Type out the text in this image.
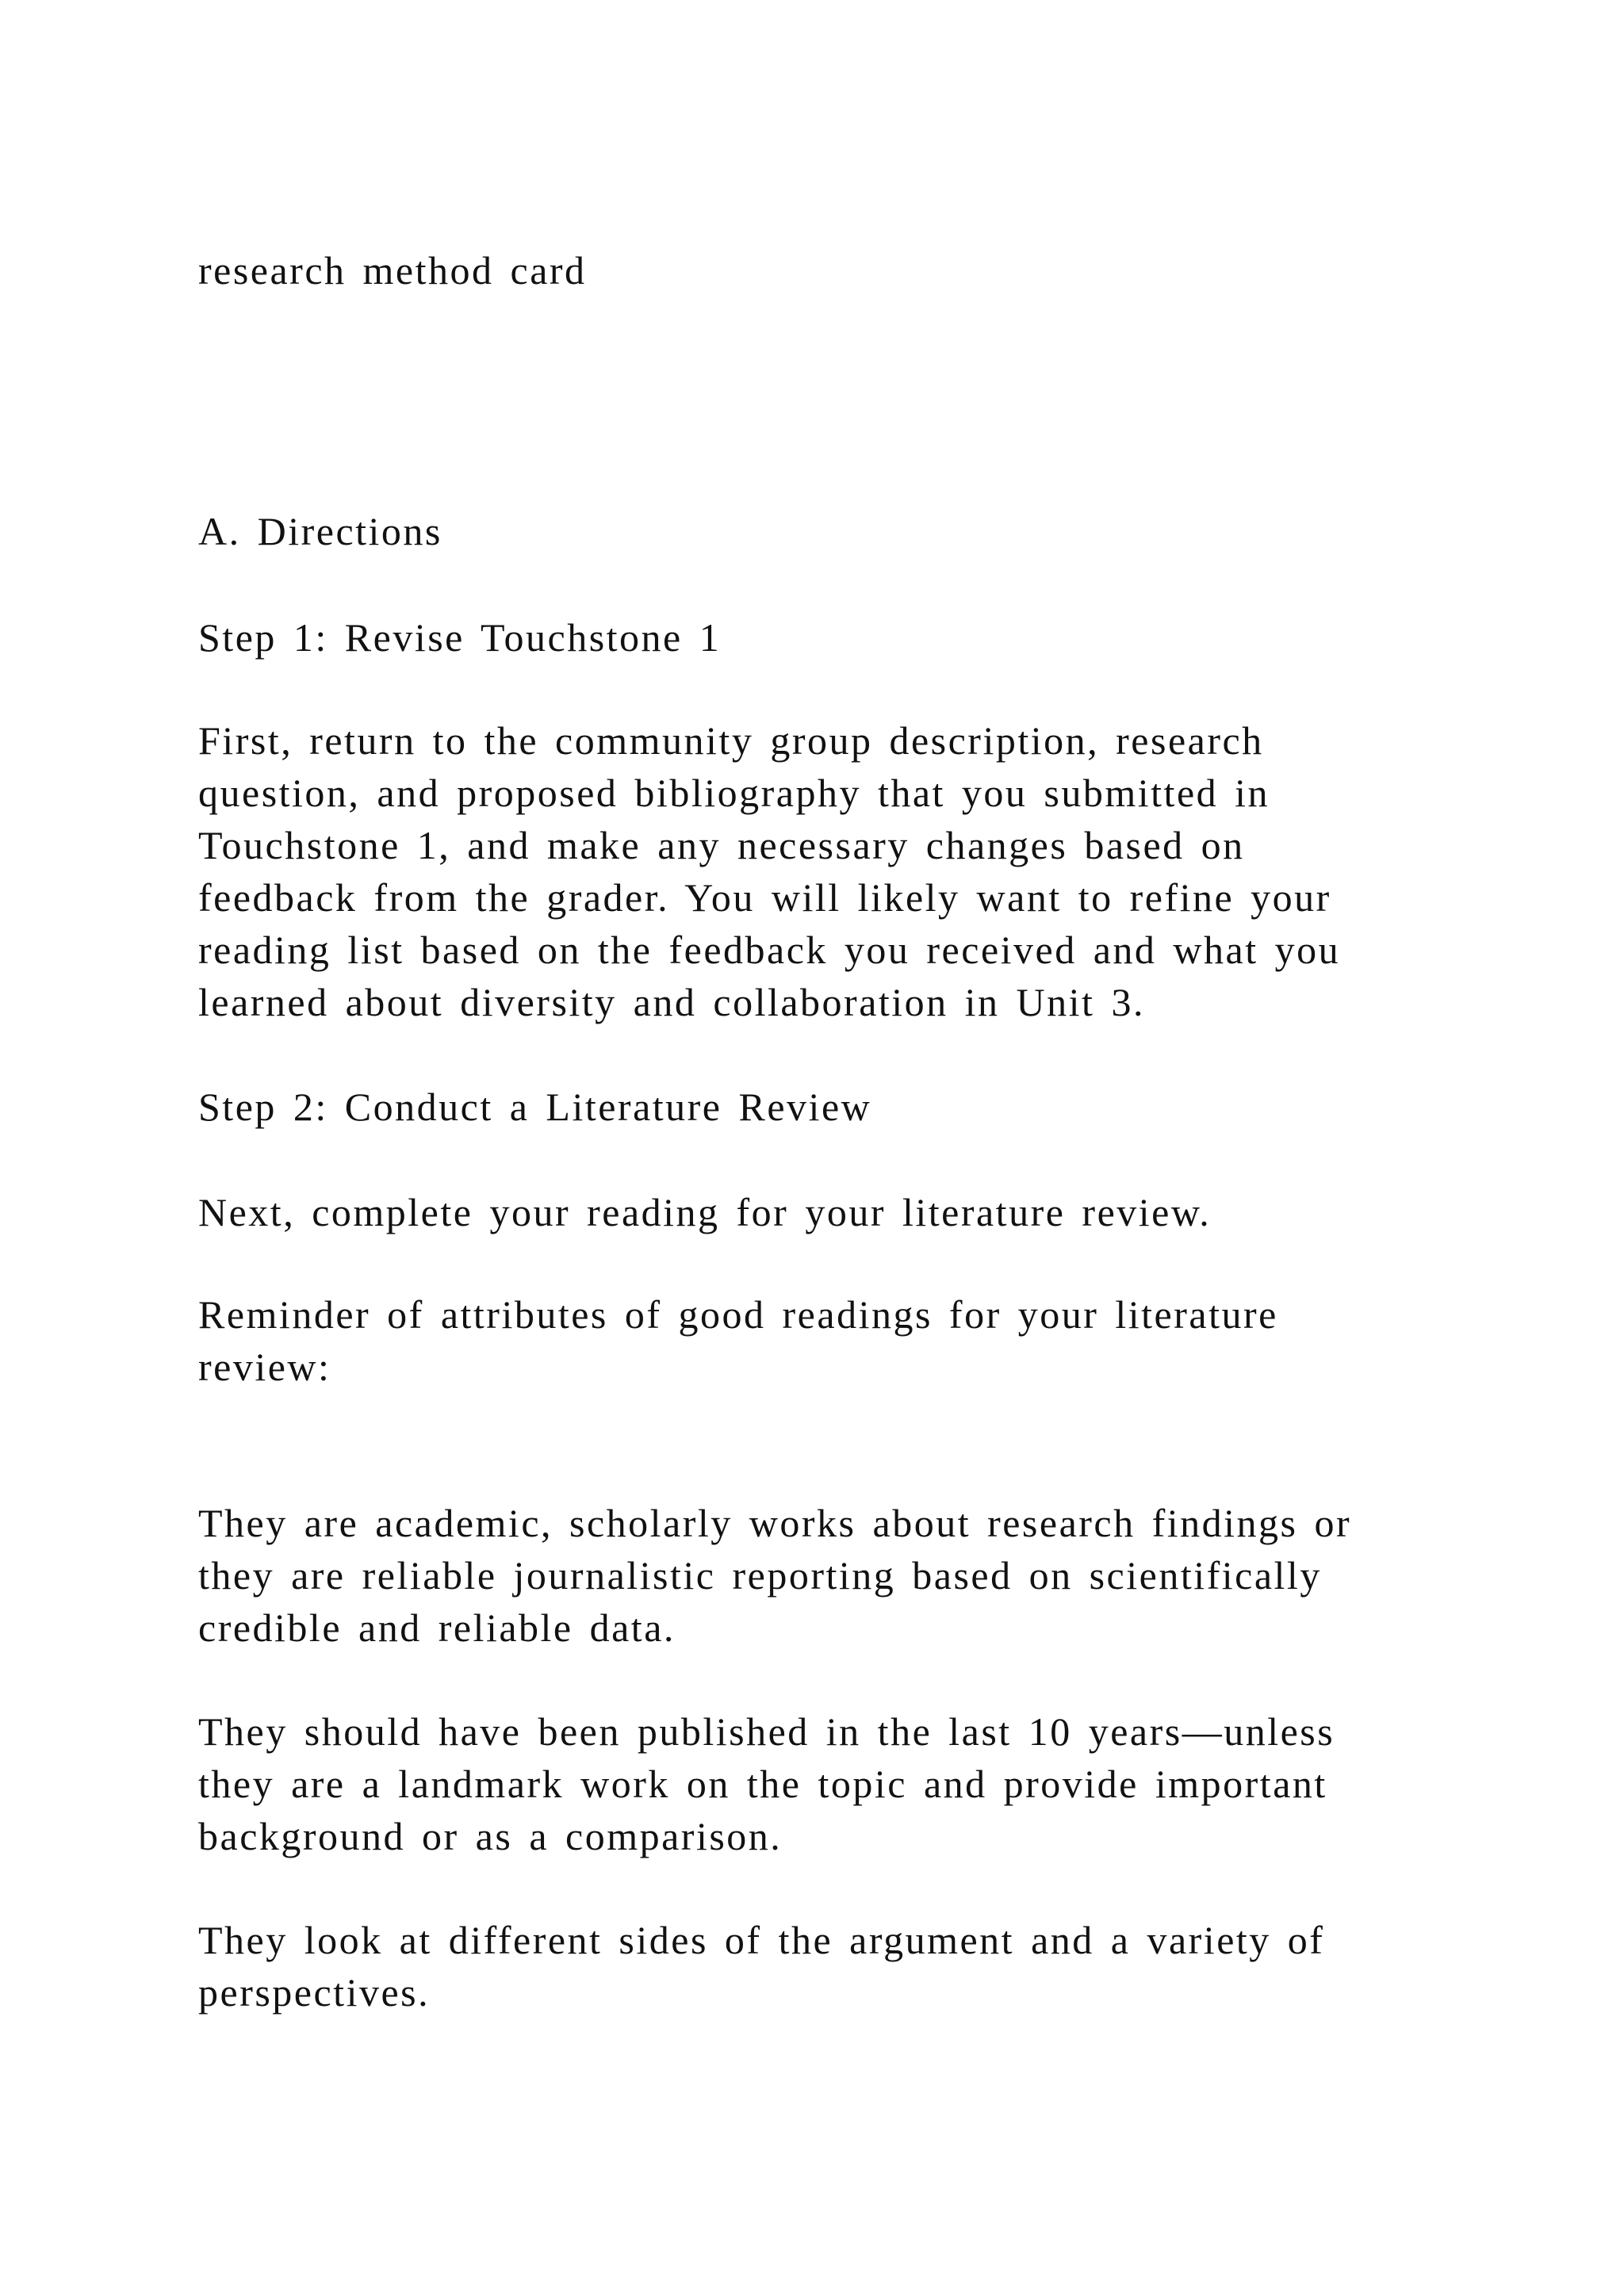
research method card

A. Directions

Step 1: Revise Touchstone 1

First, return to the community group description, research
question, and proposed bibliography that you submitted in
Touchstone 1, and make any necessary changes based on
feedback from the grader. You will likely want to refine your
reading list based on the feedback you received and what you
learned about diversity and collaboration in Unit 3.

Step 2: Conduct a Literature Review

Next, complete your reading for your literature review.

Reminder of attributes of good readings for your literature
review:

They are academic, scholarly works about research findings or
they are reliable journalistic reporting based on scientifically
credible and reliable data.

They should have been published in the last 10 years—unless
they are a landmark work on the topic and provide important
background or as a comparison.

They look at different sides of the argument and a variety of
perspectives.
